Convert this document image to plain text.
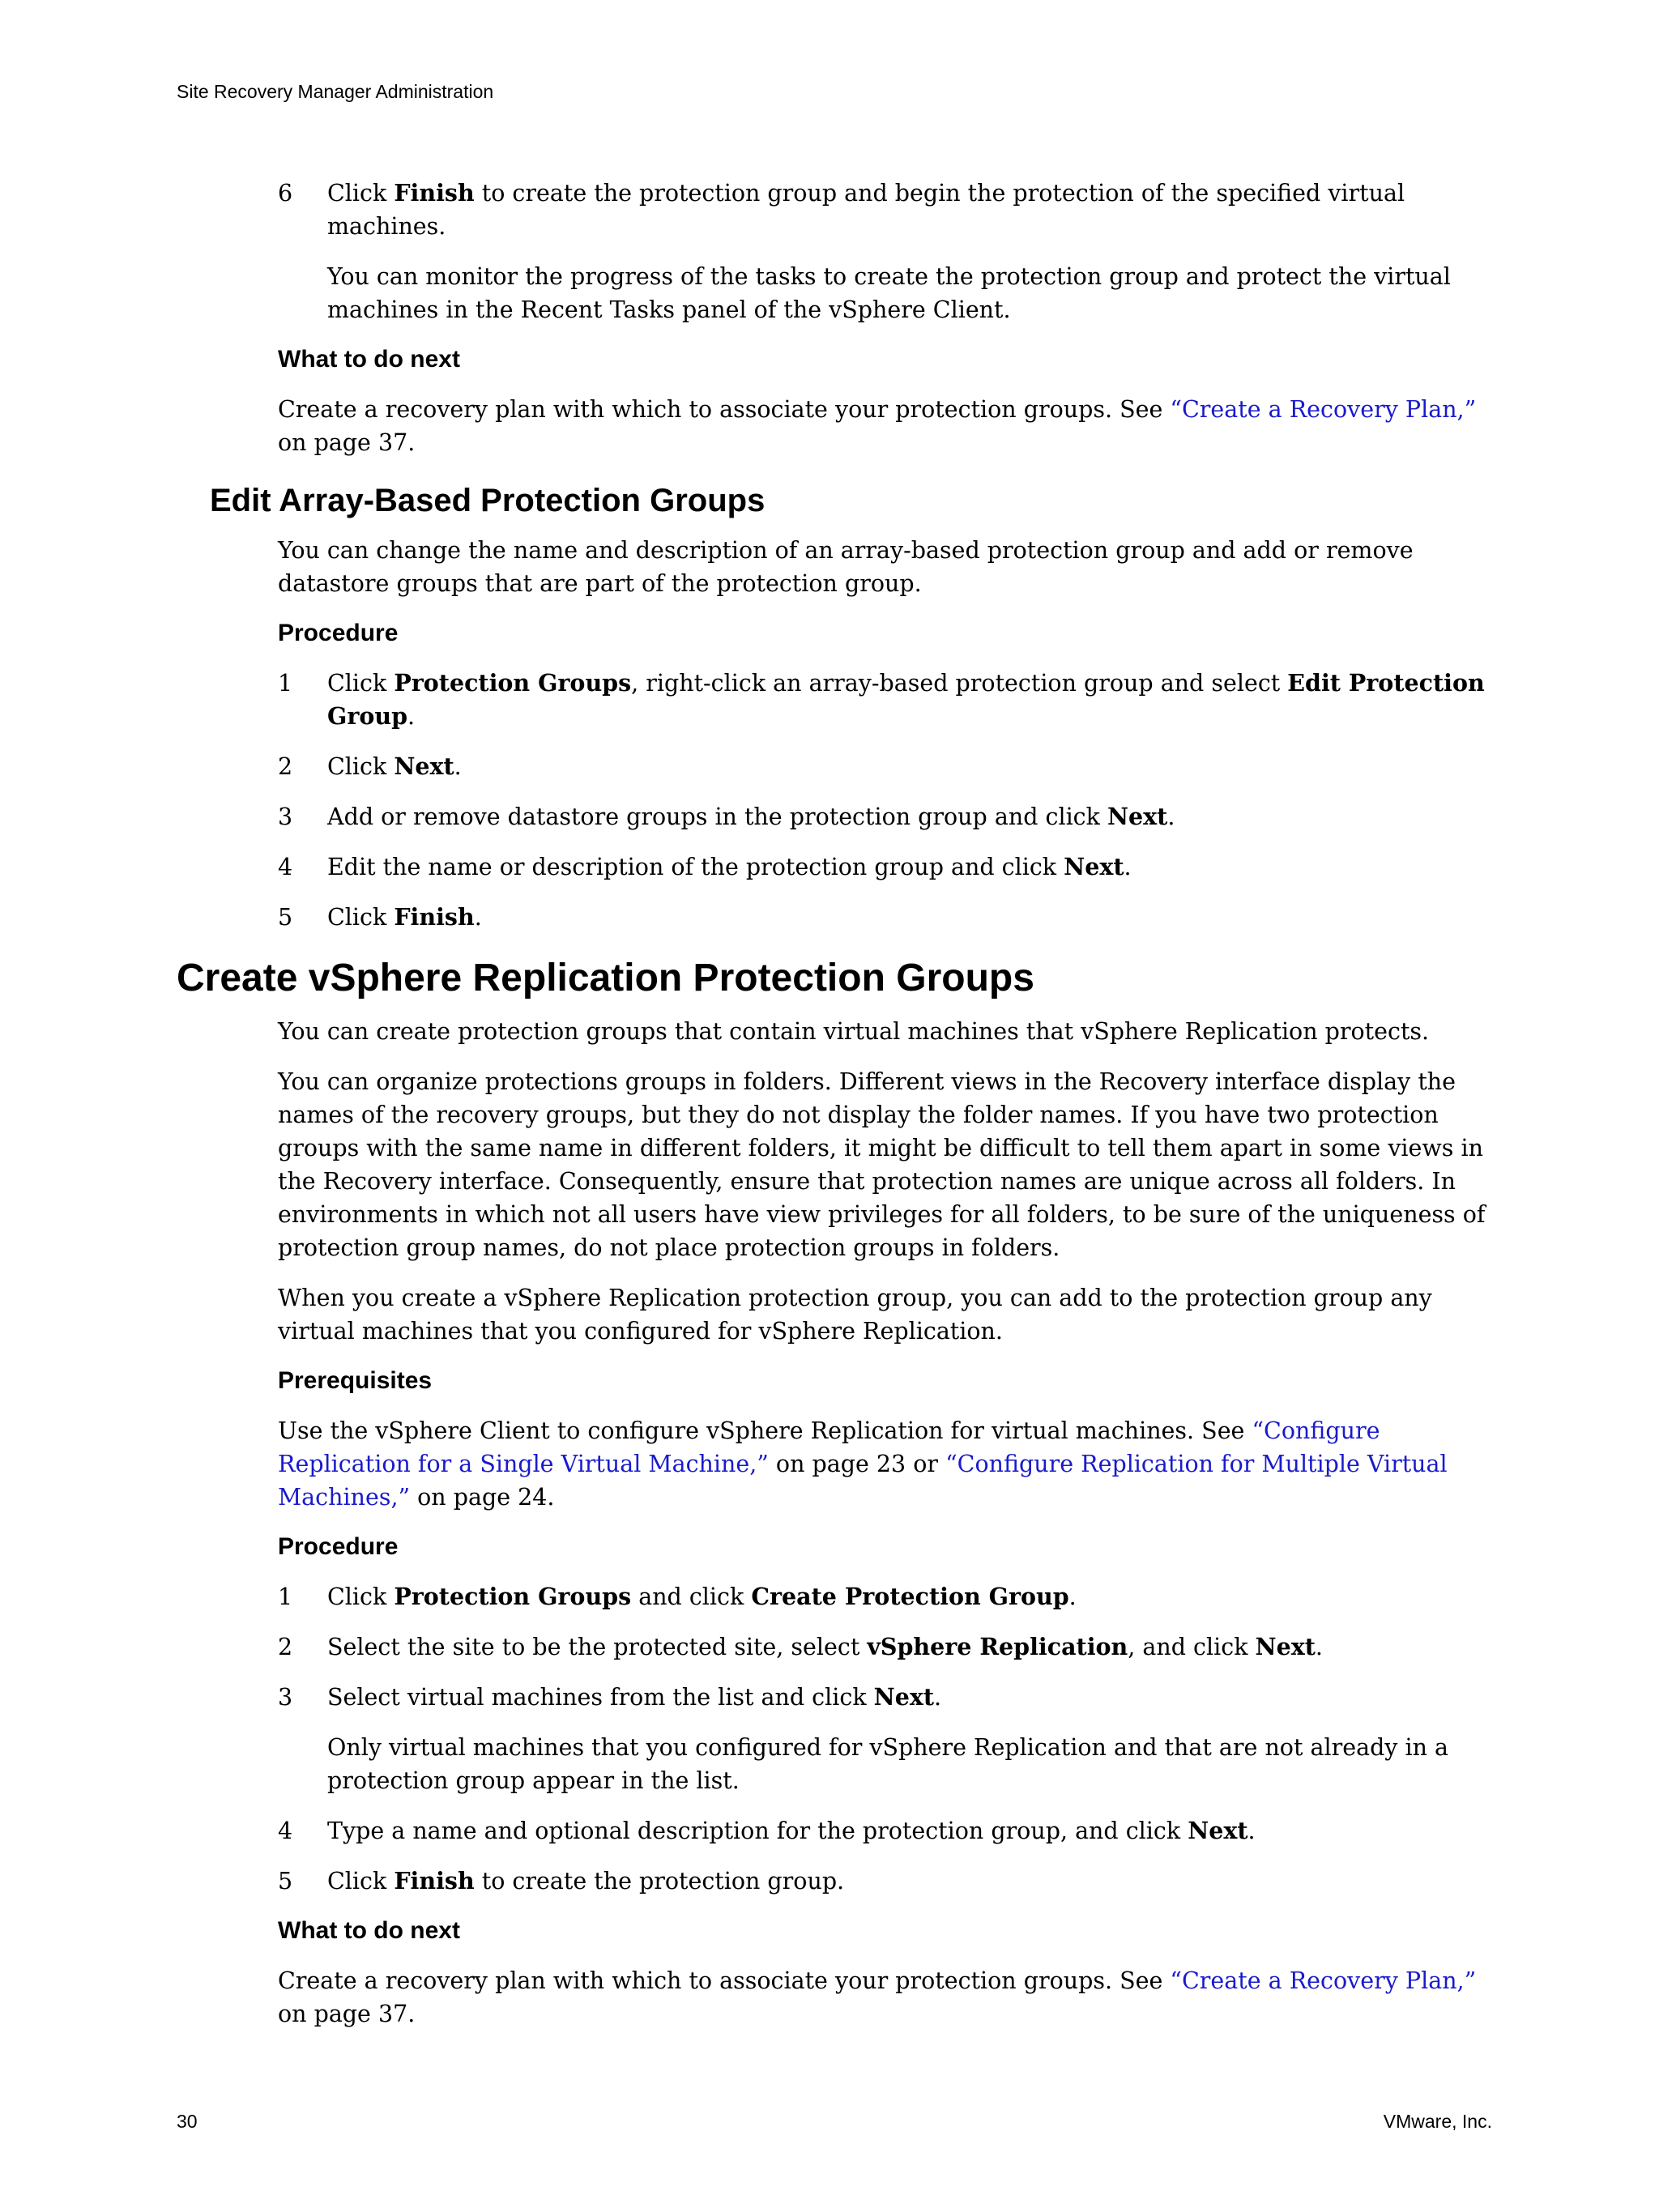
Site Recovery Manager Administration
6	Click Finish to create the protection group and begin the protection of the specified virtual machines.
You can monitor the progress of the tasks to create the protection group and protect the virtual machines in the Recent Tasks panel of the vSphere Client.
What to do next

Create a recovery plan with which to associate your protection groups. See “Create a Recovery Plan,” on page 37.

Edit Array-Based Protection Groups

You can change the name and description of an array-based protection group and add or remove datastore groups that are part of the protection group.

Procedure
1	Click Protection Groups, right-click an array-based protection group and select Edit Protection Group.
2	Click Next.
3	Add or remove datastore groups in the protection group and click Next.
4	Edit the name or description of the protection group and click Next.
5	Click Finish.
Create vSphere Replication Protection Groups

You can create protection groups that contain virtual machines that vSphere Replication protects.

You can organize protections groups in folders. Different views in the Recovery interface display the names of the recovery groups, but they do not display the folder names. If you have two protection groups with the same name in different folders, it might be difficult to tell them apart in some views in the Recovery interface. Consequently, ensure that protection names are unique across all folders. In environments in which not all users have view privileges for all folders, to be sure of the uniqueness of protection group names, do not place protection groups in folders.

When you create a vSphere Replication protection group, you can add to the protection group any virtual machines that you configured for vSphere Replication.

Prerequisites

Use the vSphere Client to configure vSphere Replication for virtual machines. See “Configure Replication for a Single Virtual Machine,” on page 23 or “Configure Replication for Multiple Virtual Machines,” on page 24.

Procedure
1	Click Protection Groups and click Create Protection Group.
2	Select the site to be the protected site, select vSphere Replication, and click Next.
3	Select virtual machines from the list and click Next.
Only virtual machines that you configured for vSphere Replication and that are not already in a protection group appear in the list.
4	Type a name and optional description for the protection group, and click Next.
5	Click Finish to create the protection group.
What to do next

Create a recovery plan with which to associate your protection groups. See “Create a Recovery Plan,” on page 37.

30	VMware, Inc.
